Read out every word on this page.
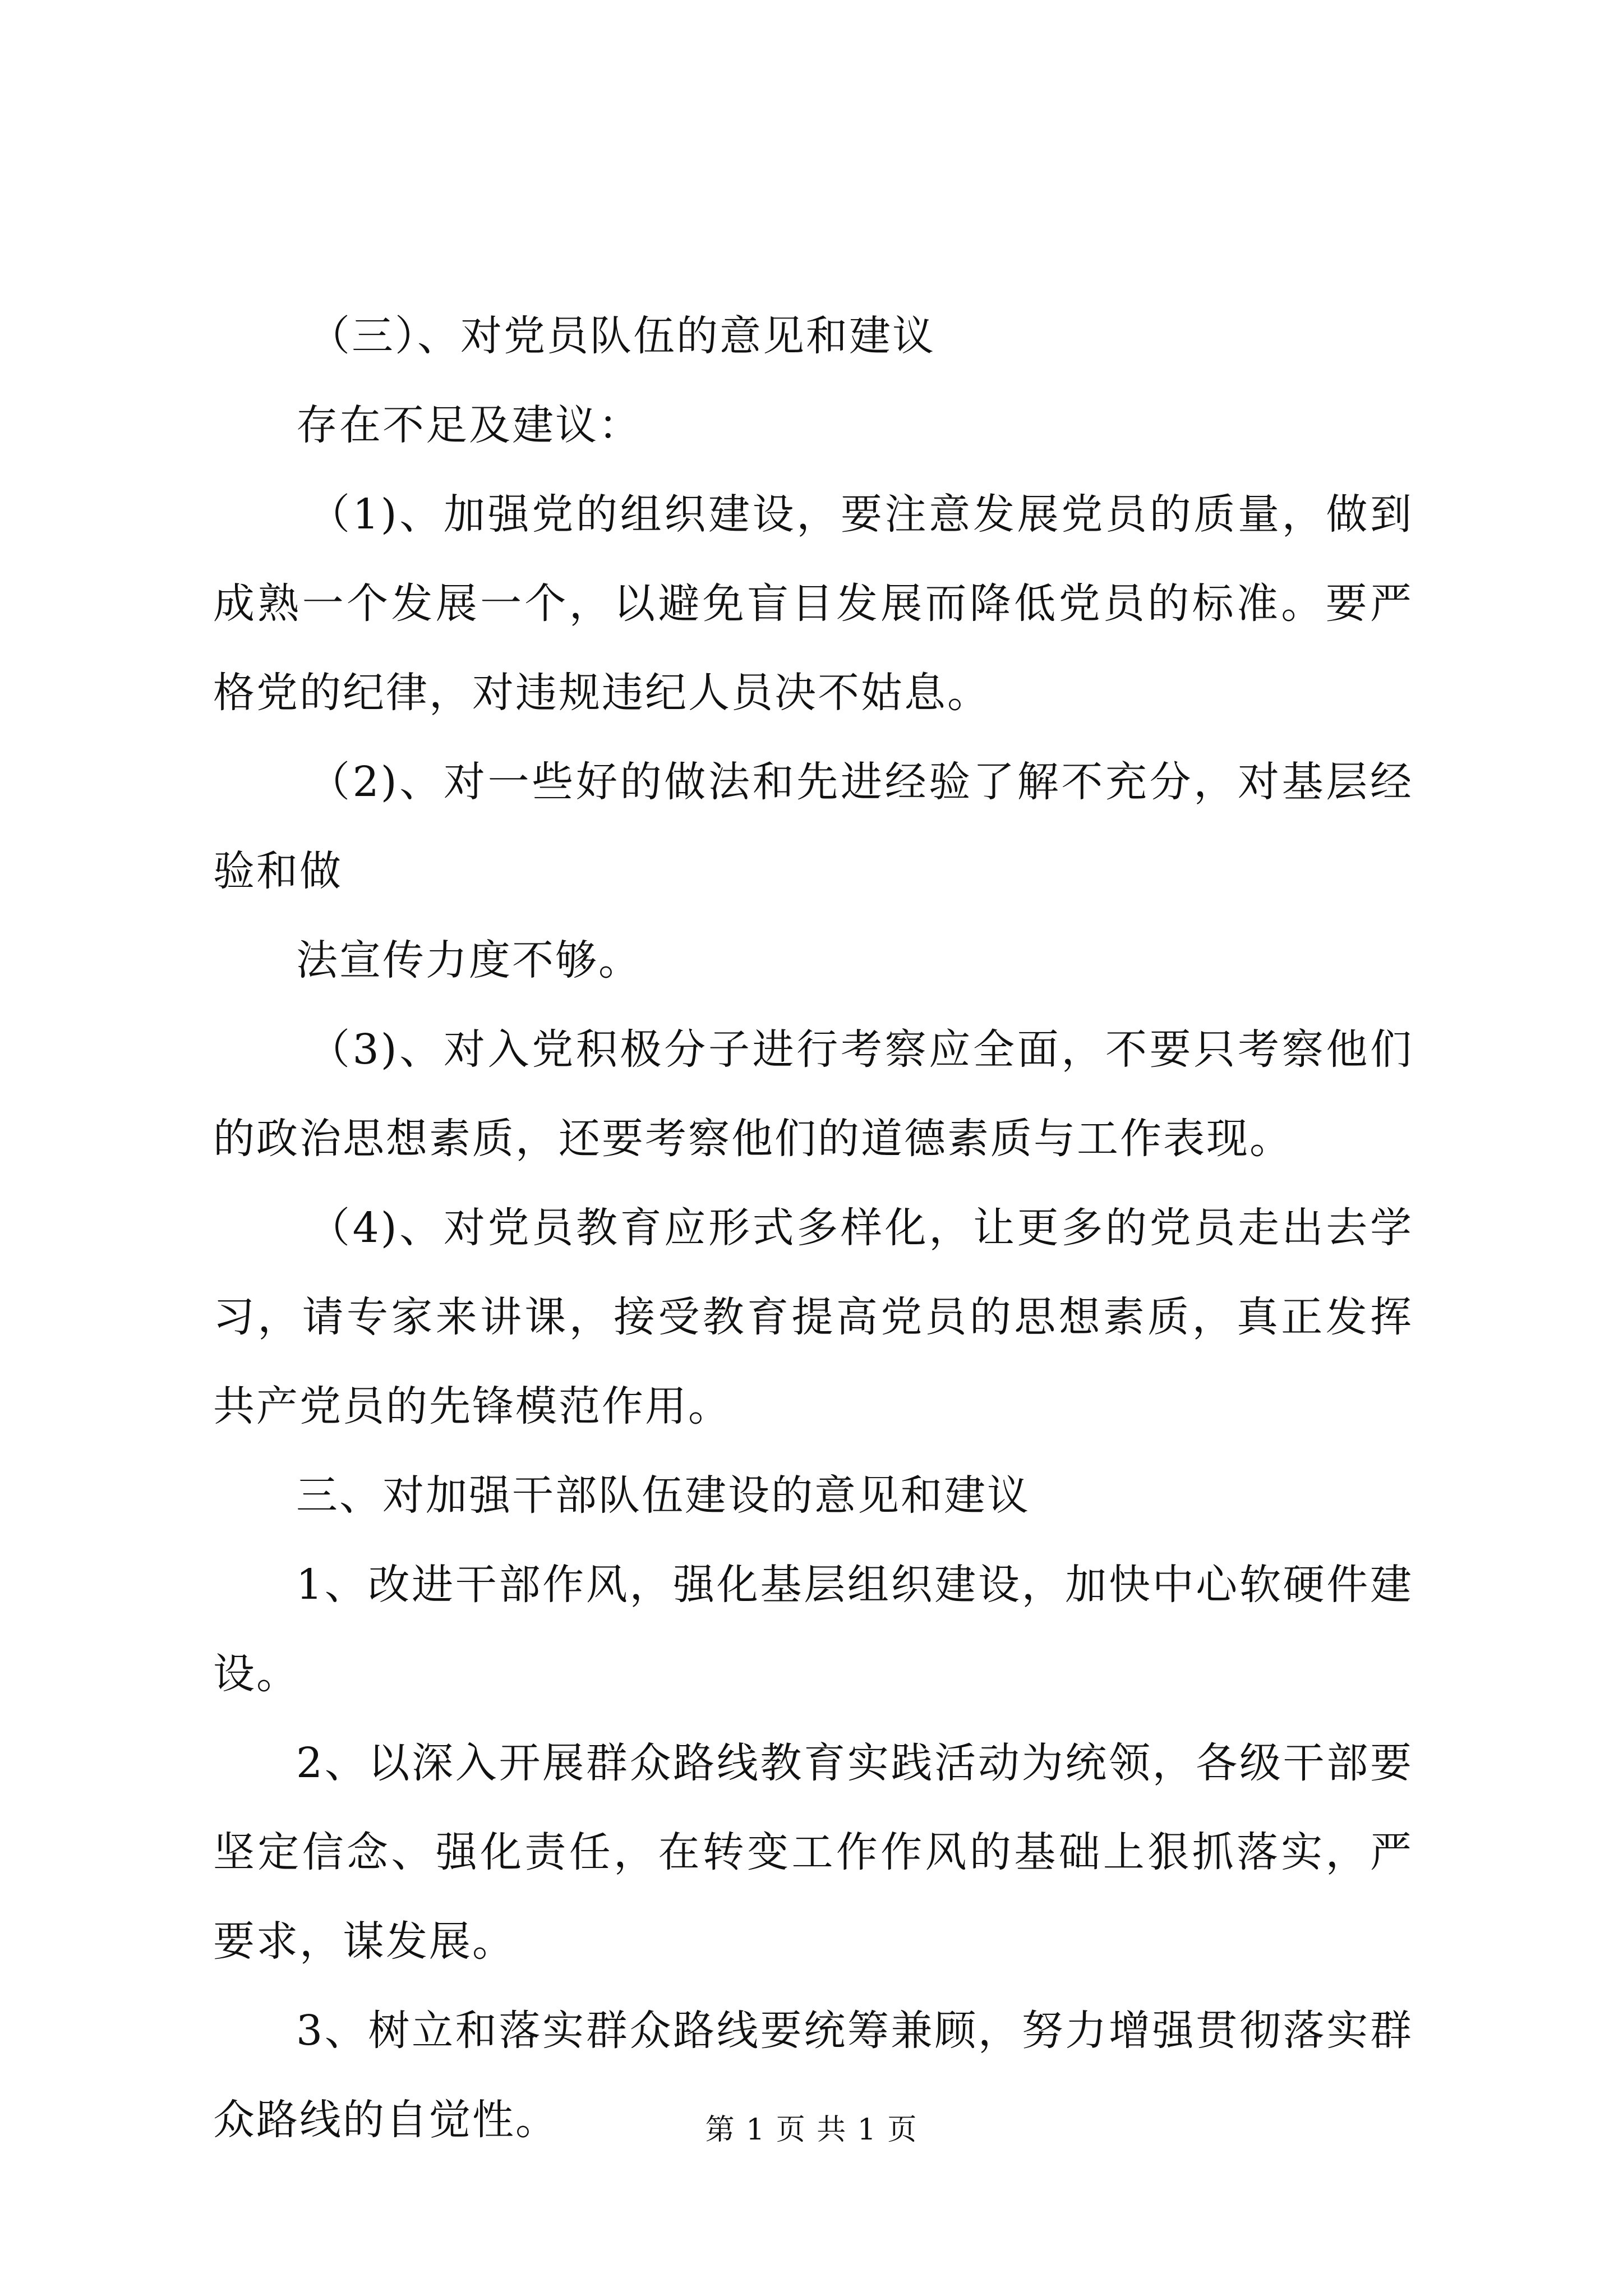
（三）、对党员队伍的意见和建议

存在不足及建议：

（1)、加强党的组织建设，要注意发展党员的质量，做到成熟一个发展一个，以避免盲目发展而降低党员的标准。要严格党的纪律，对违规违纪人员决不姑息。

（2)、对一些好的做法和先进经验了解不充分，对基层经验和做

法宣传力度不够。

（3)、对入党积极分子进行考察应全面，不要只考察他们的政治思想素质，还要考察他们的道德素质与工作表现。

（4)、对党员教育应形式多样化，让更多的党员走出去学习，请专家来讲课，接受教育提高党员的思想素质，真正发挥共产党员的先锋模范作用。

三、对加强干部队伍建设的意见和建议

1、改进干部作风，强化基层组织建设，加快中心软硬件建设。

2、以深入开展群众路线教育实践活动为统领，各级干部要坚定信念、强化责任，在转变工作作风的基础上狠抓落实，严要求，谋发展。

3、树立和落实群众路线要统筹兼顾，努力增强贯彻落实群众路线的自觉性。	第 1 页 共 1 页
